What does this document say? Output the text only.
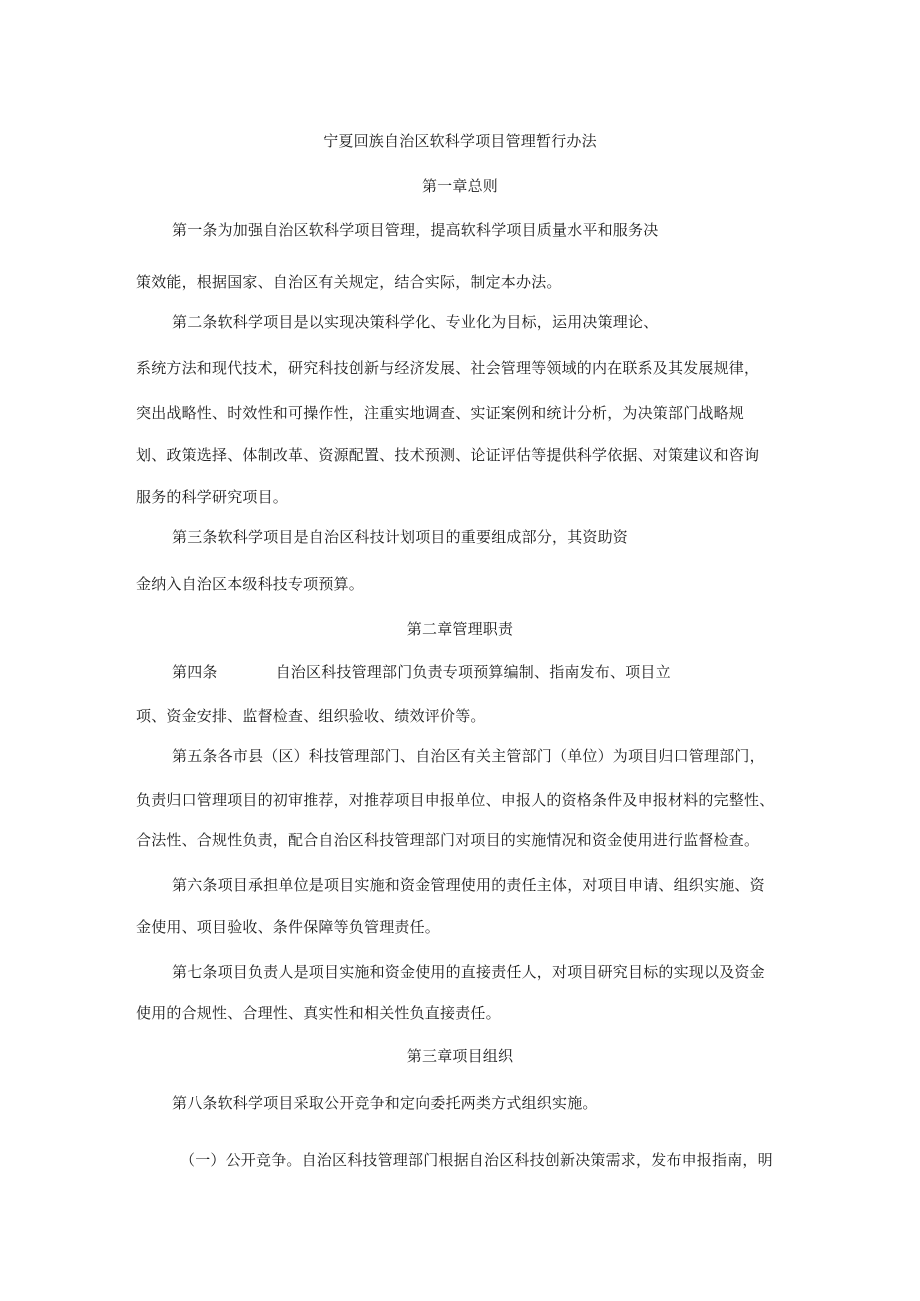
宁夏回族自治区软科学项目管理暂行办法
第一章总则
第一条为加强自治区软科学项目管理，提高软科学项目质量水平和服务决
策效能，根据国家、自治区有关规定，结合实际，制定本办法。
第二条软科学项目是以实现决策科学化、专业化为目标，运用决策理论、
系统方法和现代技术，研究科技创新与经济发展、社会管理等领域的内在联系及其发展规律，
突出战略性、时效性和可操作性，注重实地调查、实证案例和统计分析，为决策部门战略规
划、政策选择、体制改革、资源配置、技术预测、论证评估等提供科学依据、对策建议和咨询
服务的科学研究项目。
第三条软科学项目是自治区科技计划项目的重要组成部分，其资助资
金纳入自治区本级科技专项预算。
第二章管理职责
第四条	自治区科技管理部门负责专项预算编制、指南发布、项目立
项、资金安排、监督检查、组织验收、绩效评价等。
第五条各市县（区）科技管理部门、自治区有关主管部门（单位）为项目归口管理部门，
负责归口管理项目的初审推荐，对推荐项目申报单位、申报人的资格条件及申报材料的完整性、
合法性、合规性负责，配合自治区科技管理部门对项目的实施情况和资金使用进行监督检查。
第六条项目承担单位是项目实施和资金管理使用的责任主体，对项目申请、组织实施、资
金使用、项目验收、条件保障等负管理责任。
第七条项目负责人是项目实施和资金使用的直接责任人，对项目研究目标的实现以及资金
使用的合规性、合理性、真实性和相关性负直接责任。
第三章项目组织
第八条软科学项目采取公开竞争和定向委托两类方式组织实施。
（一）公开竞争。自治区科技管理部门根据自治区科技创新决策需求，发布申报指南，明
